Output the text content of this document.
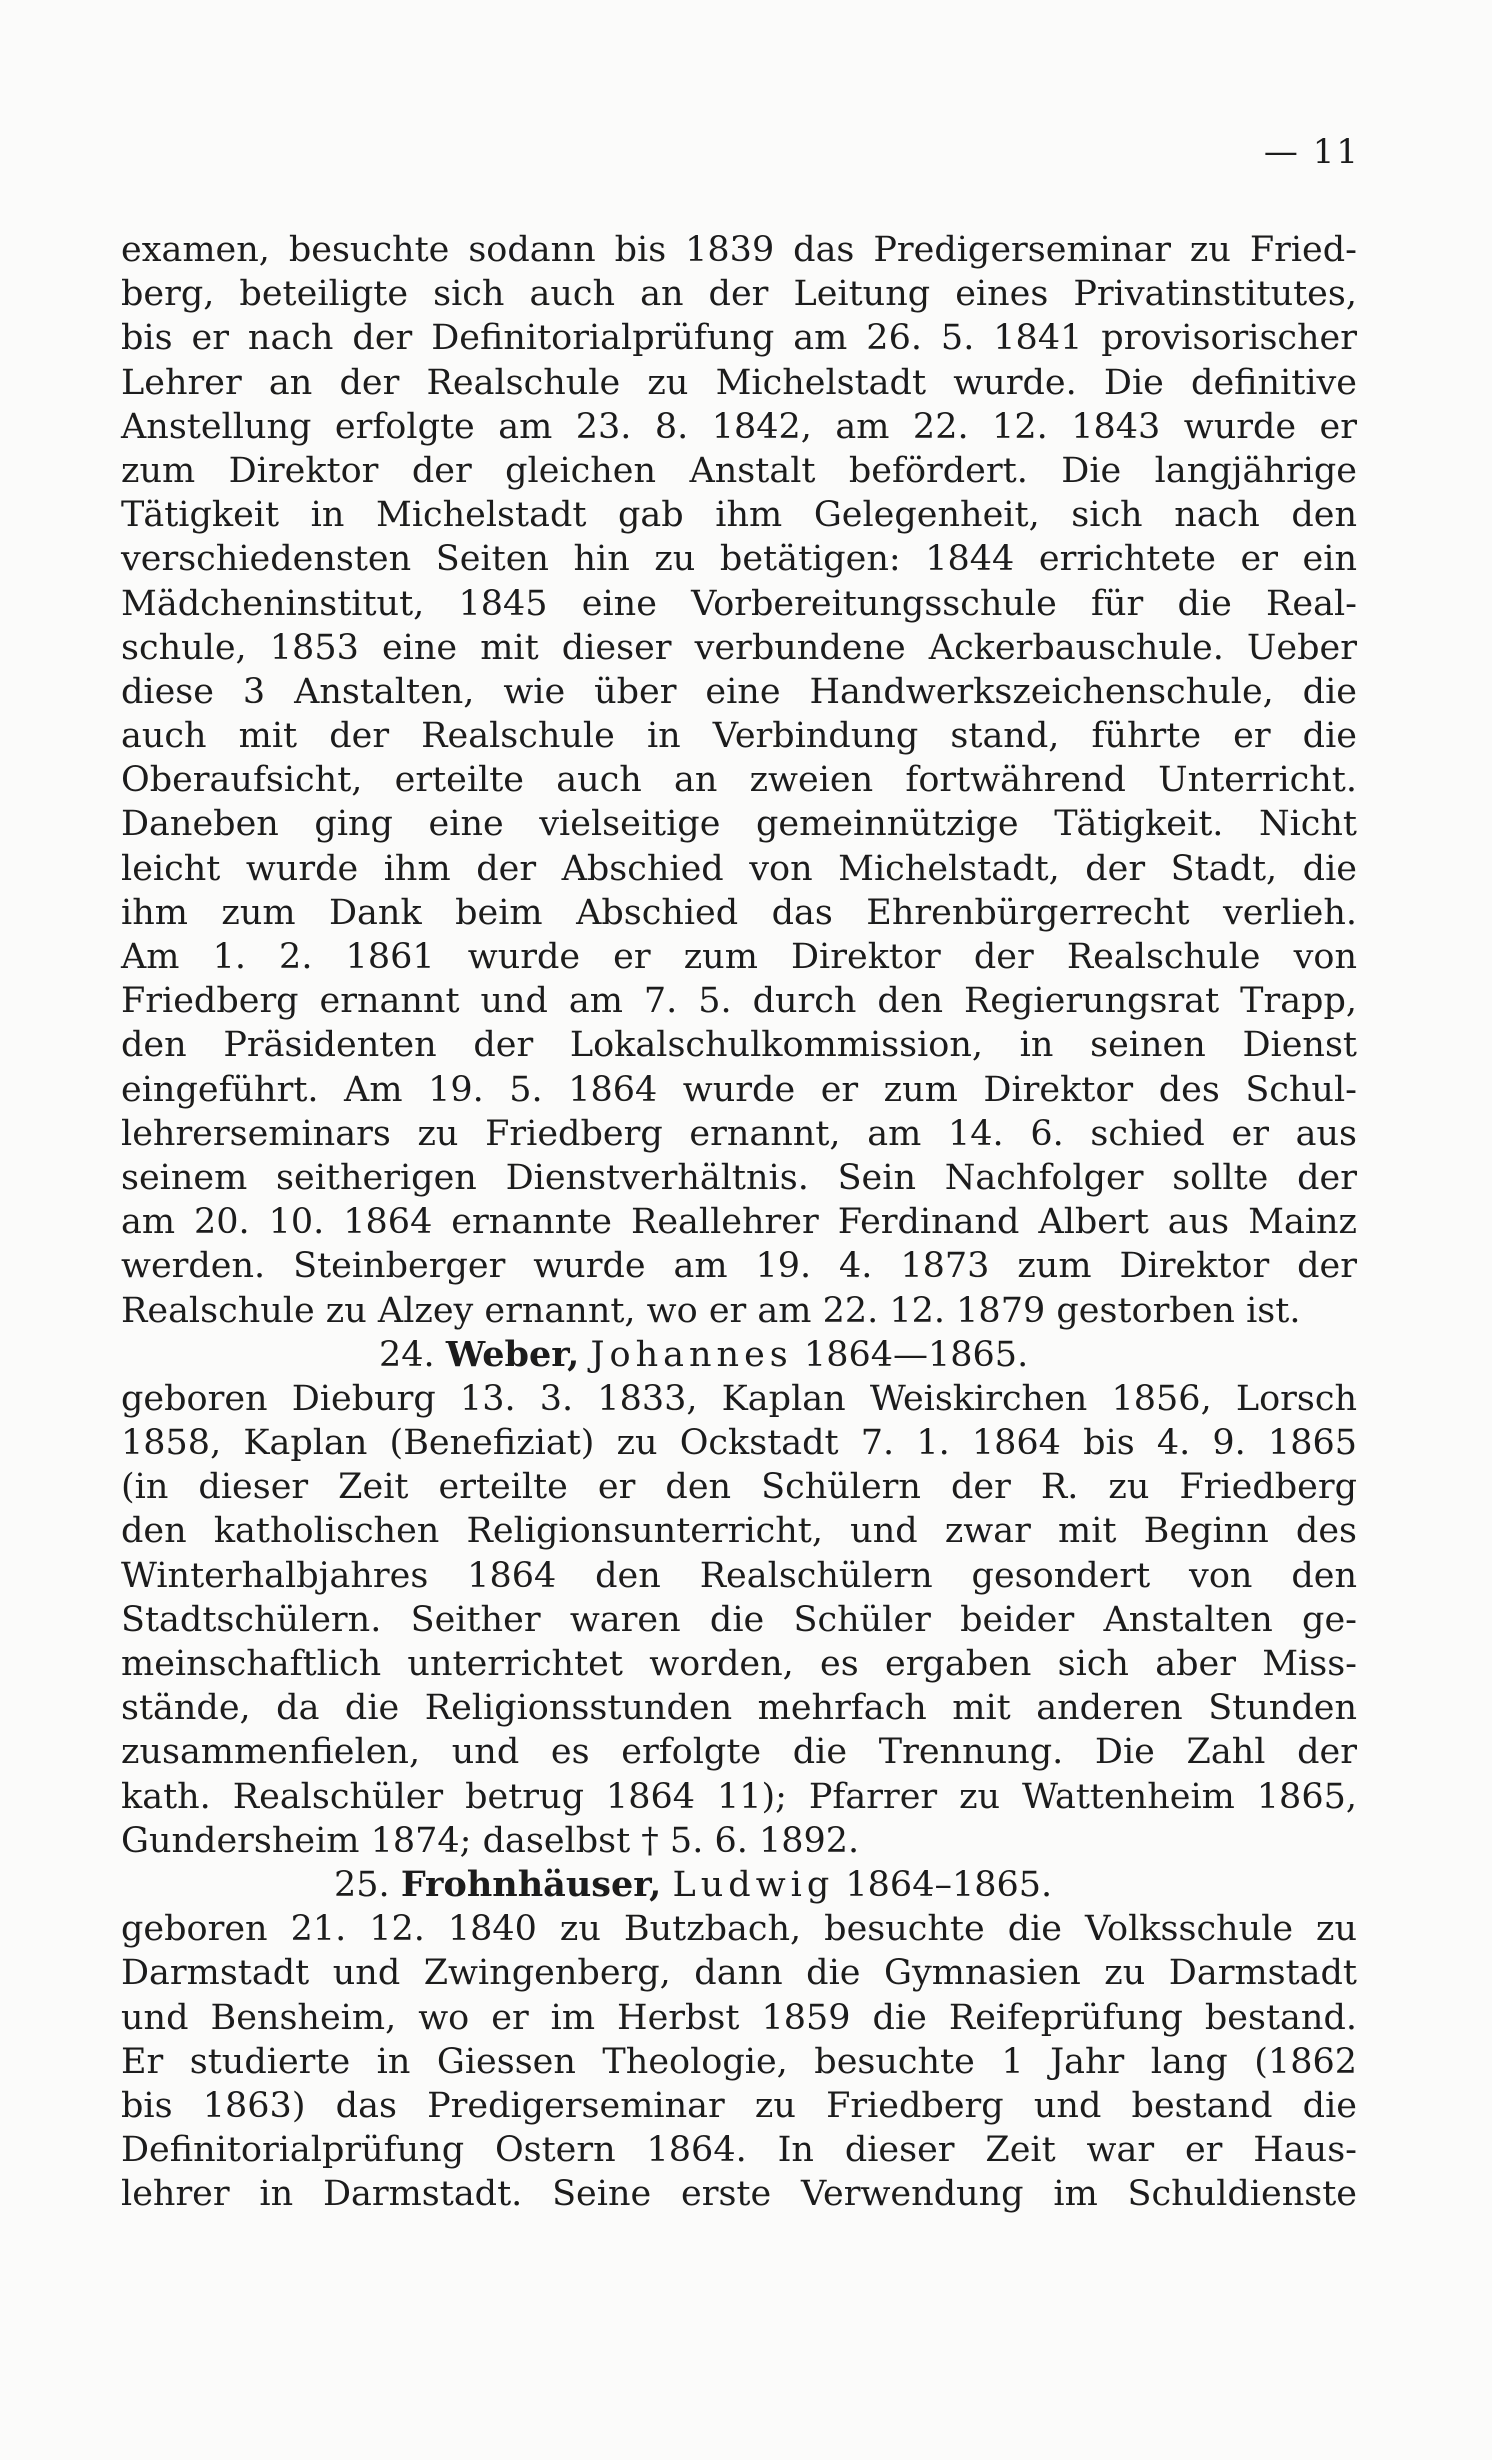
— 11
examen, besuchte sodann bis 1839 das Predigerseminar zu Fried-
berg, beteiligte sich auch an der Leitung eines Privatinstitutes,
bis er nach der Definitorialprüfung am 26. 5. 1841 provisorischer
Lehrer an der Realschule zu Michelstadt wurde. Die definitive
Anstellung erfolgte am 23. 8. 1842, am 22. 12. 1843 wurde er
zum Direktor der gleichen Anstalt befördert. Die langjährige
Tätigkeit in Michelstadt gab ihm Gelegenheit, sich nach den
verschiedensten Seiten hin zu betätigen: 1844 errichtete er ein
Mädcheninstitut, 1845 eine Vorbereitungsschule für die Real-
schule, 1853 eine mit dieser verbundene Ackerbauschule. Ueber
diese 3 Anstalten, wie über eine Handwerkszeichenschule, die
auch mit der Realschule in Verbindung stand, führte er die
Oberaufsicht, erteilte auch an zweien fortwährend Unterricht.
Daneben ging eine vielseitige gemeinnützige Tätigkeit. Nicht
leicht wurde ihm der Abschied von Michelstadt, der Stadt, die
ihm zum Dank beim Abschied das Ehrenbürgerrecht verlieh.
Am 1. 2. 1861 wurde er zum Direktor der Realschule von
Friedberg ernannt und am 7. 5. durch den Regierungsrat Trapp,
den Präsidenten der Lokalschulkommission, in seinen Dienst
eingeführt. Am 19. 5. 1864 wurde er zum Direktor des Schul-
lehrerseminars zu Friedberg ernannt, am 14. 6. schied er aus
seinem seitherigen Dienstverhältnis. Sein Nachfolger sollte der
am 20. 10. 1864 ernannte Reallehrer Ferdinand Albert aus Mainz
werden. Steinberger wurde am 19. 4. 1873 zum Direktor der
Realschule zu Alzey ernannt, wo er am 22. 12. 1879 gestorben ist.
24. Weber, Johannes 1864—1865.
geboren Dieburg 13. 3. 1833, Kaplan Weiskirchen 1856, Lorsch
1858, Kaplan (Benefiziat) zu Ockstadt 7. 1. 1864 bis 4. 9. 1865
(in dieser Zeit erteilte er den Schülern der R. zu Friedberg
den katholischen Religionsunterricht, und zwar mit Beginn des
Winterhalbjahres 1864 den Realschülern gesondert von den
Stadtschülern. Seither waren die Schüler beider Anstalten ge-
meinschaftlich unterrichtet worden, es ergaben sich aber Miss-
stände, da die Religionsstunden mehrfach mit anderen Stunden
zusammenfielen, und es erfolgte die Trennung. Die Zahl der
kath. Realschüler betrug 1864 11); Pfarrer zu Wattenheim 1865,
Gundersheim 1874; daselbst † 5. 6. 1892.
25. Frohnhäuser, Ludwig 1864–1865.
geboren 21. 12. 1840 zu Butzbach, besuchte die Volksschule zu
Darmstadt und Zwingenberg, dann die Gymnasien zu Darmstadt
und Bensheim, wo er im Herbst 1859 die Reifeprüfung bestand.
Er studierte in Giessen Theologie, besuchte 1 Jahr lang (1862
bis 1863) das Predigerseminar zu Friedberg und bestand die
Definitorialprüfung Ostern 1864. In dieser Zeit war er Haus-
lehrer in Darmstadt. Seine erste Verwendung im Schuldienste
